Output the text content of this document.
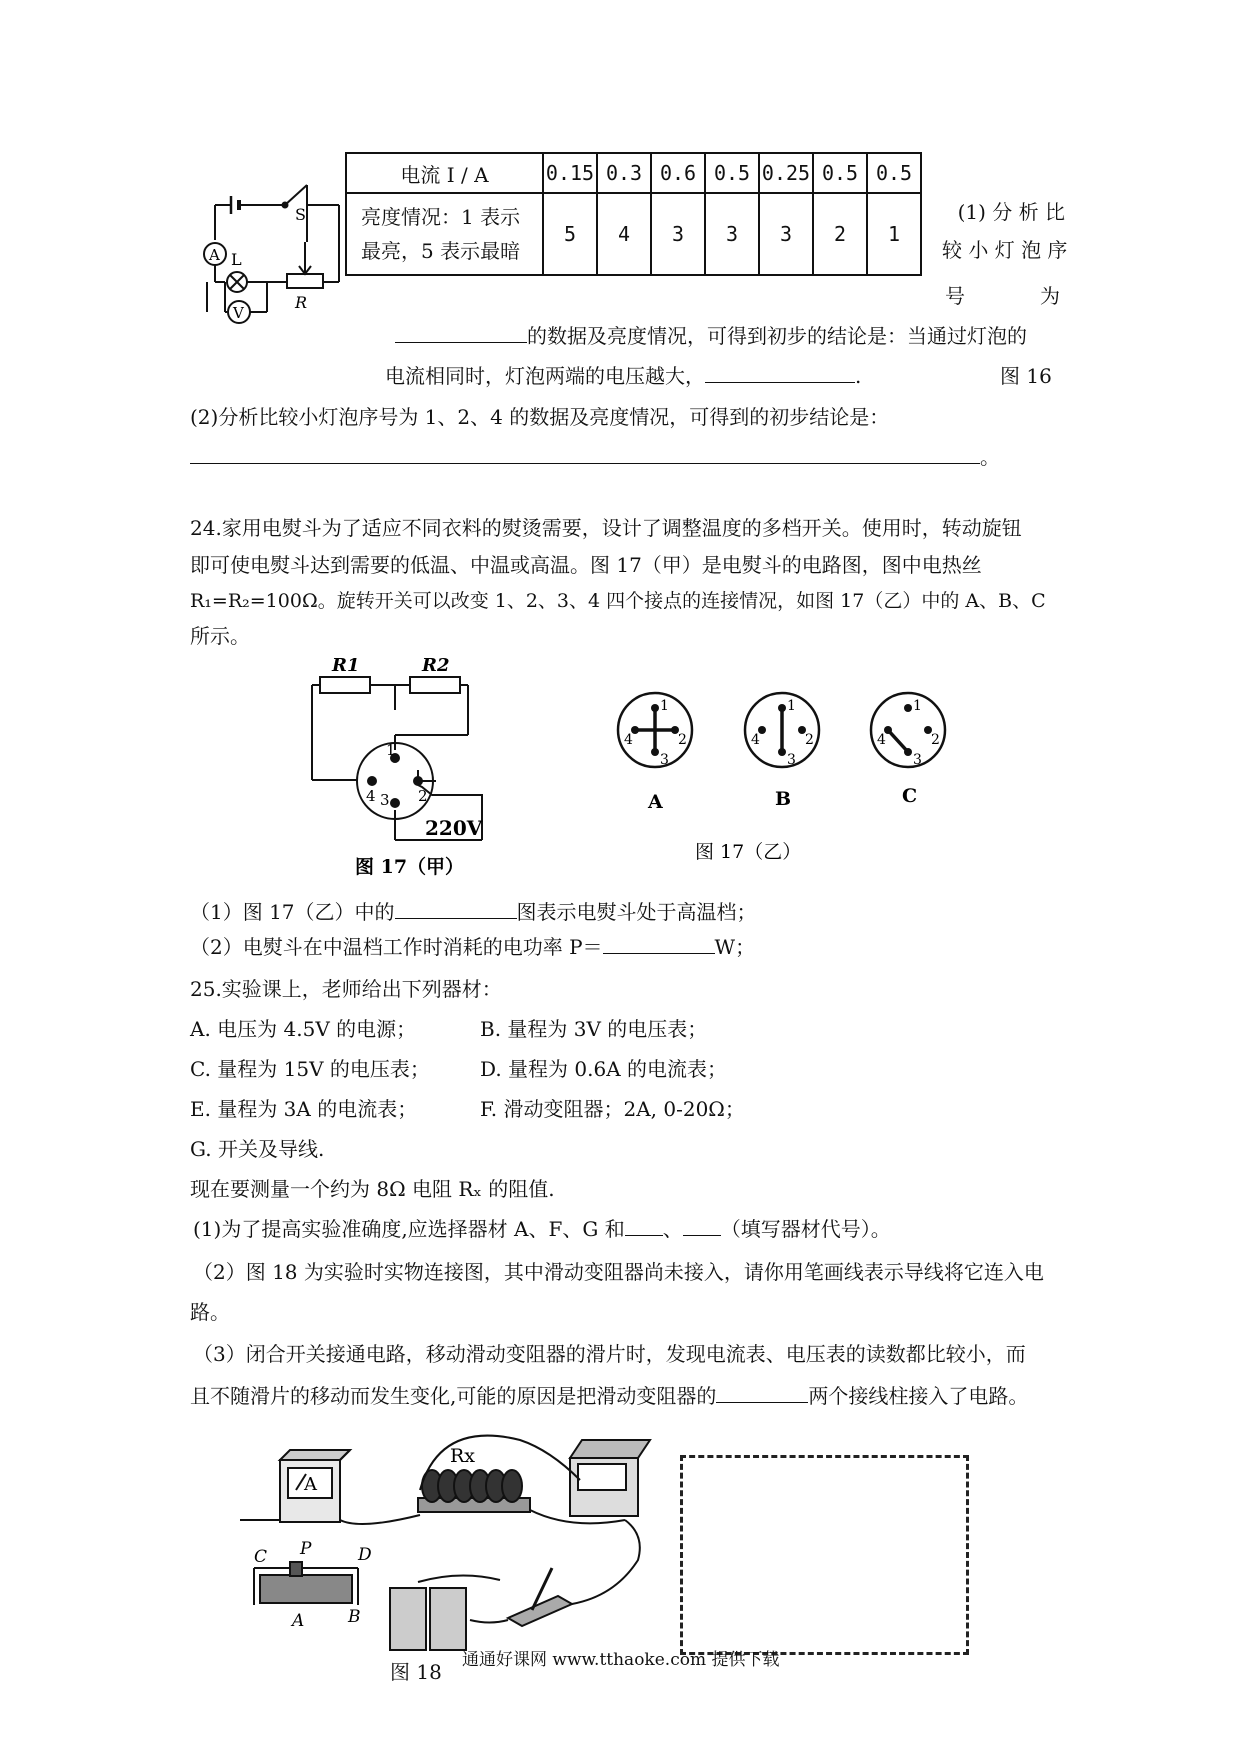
S
A L
V
R
电流 I / A	0.15	0.3	0.6	0.5	0.25	0.5	0.5

亮度情况：1 表示
最亮，5 表示最暗	5	4	3	3	3	2	1
(1) 分 析 比
较 小 灯 泡 序
号	为
的数据及亮度情况，可得到初步的结论是：当通过灯泡的
电流相同时，灯泡两端的电压越大，	.	图 16
(2)分析比较小灯泡序号为 1、2、4 的数据及亮度情况，可得到的初步结论是：
。
24.家用电熨斗为了适应不同衣料的熨烫需要，设计了调整温度的多档开关。使用时，转动旋钮
即可使电熨斗达到需要的低温、中温或高温。图 17（甲）是电熨斗的电路图，图中电热丝
R₁=R₂=100Ω。旋转开关可以改变 1、2、3、4 四个接点的连接情况，如图 17（乙）中的 A、B、C
所示。
R1	R2
1
4 3 2
220V
图 17（甲）
1
2
3
4
1
2
3
4
1
2
3
4
A	B	C
图 17（乙）
（1）图 17（乙）中的	图表示电熨斗处于高温档；
（2）电熨斗在中温档工作时消耗的电功率 P＝	W；
25.实验课上，老师给出下列器材：
A. 电压为 4.5V 的电源；	B. 量程为 3V 的电压表；
C. 量程为 15V 的电压表；	D. 量程为 0.6A 的电流表；
E. 量程为 3A 的电流表；	F. 滑动变阻器；2A, 0-20Ω；
G. 开关及导线.
现在要测量一个约为 8Ω 电阻 Rₓ 的阻值.
(1)为了提高实验准确度,应选择器材 A、F、G 和 、 （填写器材代号）。
（2）图 18 为实验时实物连接图，其中滑动变阻器尚未接入，请你用笔画线表示导线将它连入电
路。
（3）闭合开关接通电路，移动滑动变阻器的滑片时，发现电流表、电压表的读数都比较小，而
且不随滑片的移动而发生变化,可能的原因是把滑动变阻器的	两个接线柱接入了电路。
A
Rx
C P	D
A	B
图 18 通通好课网 www.tthaoke.com 提供下载
